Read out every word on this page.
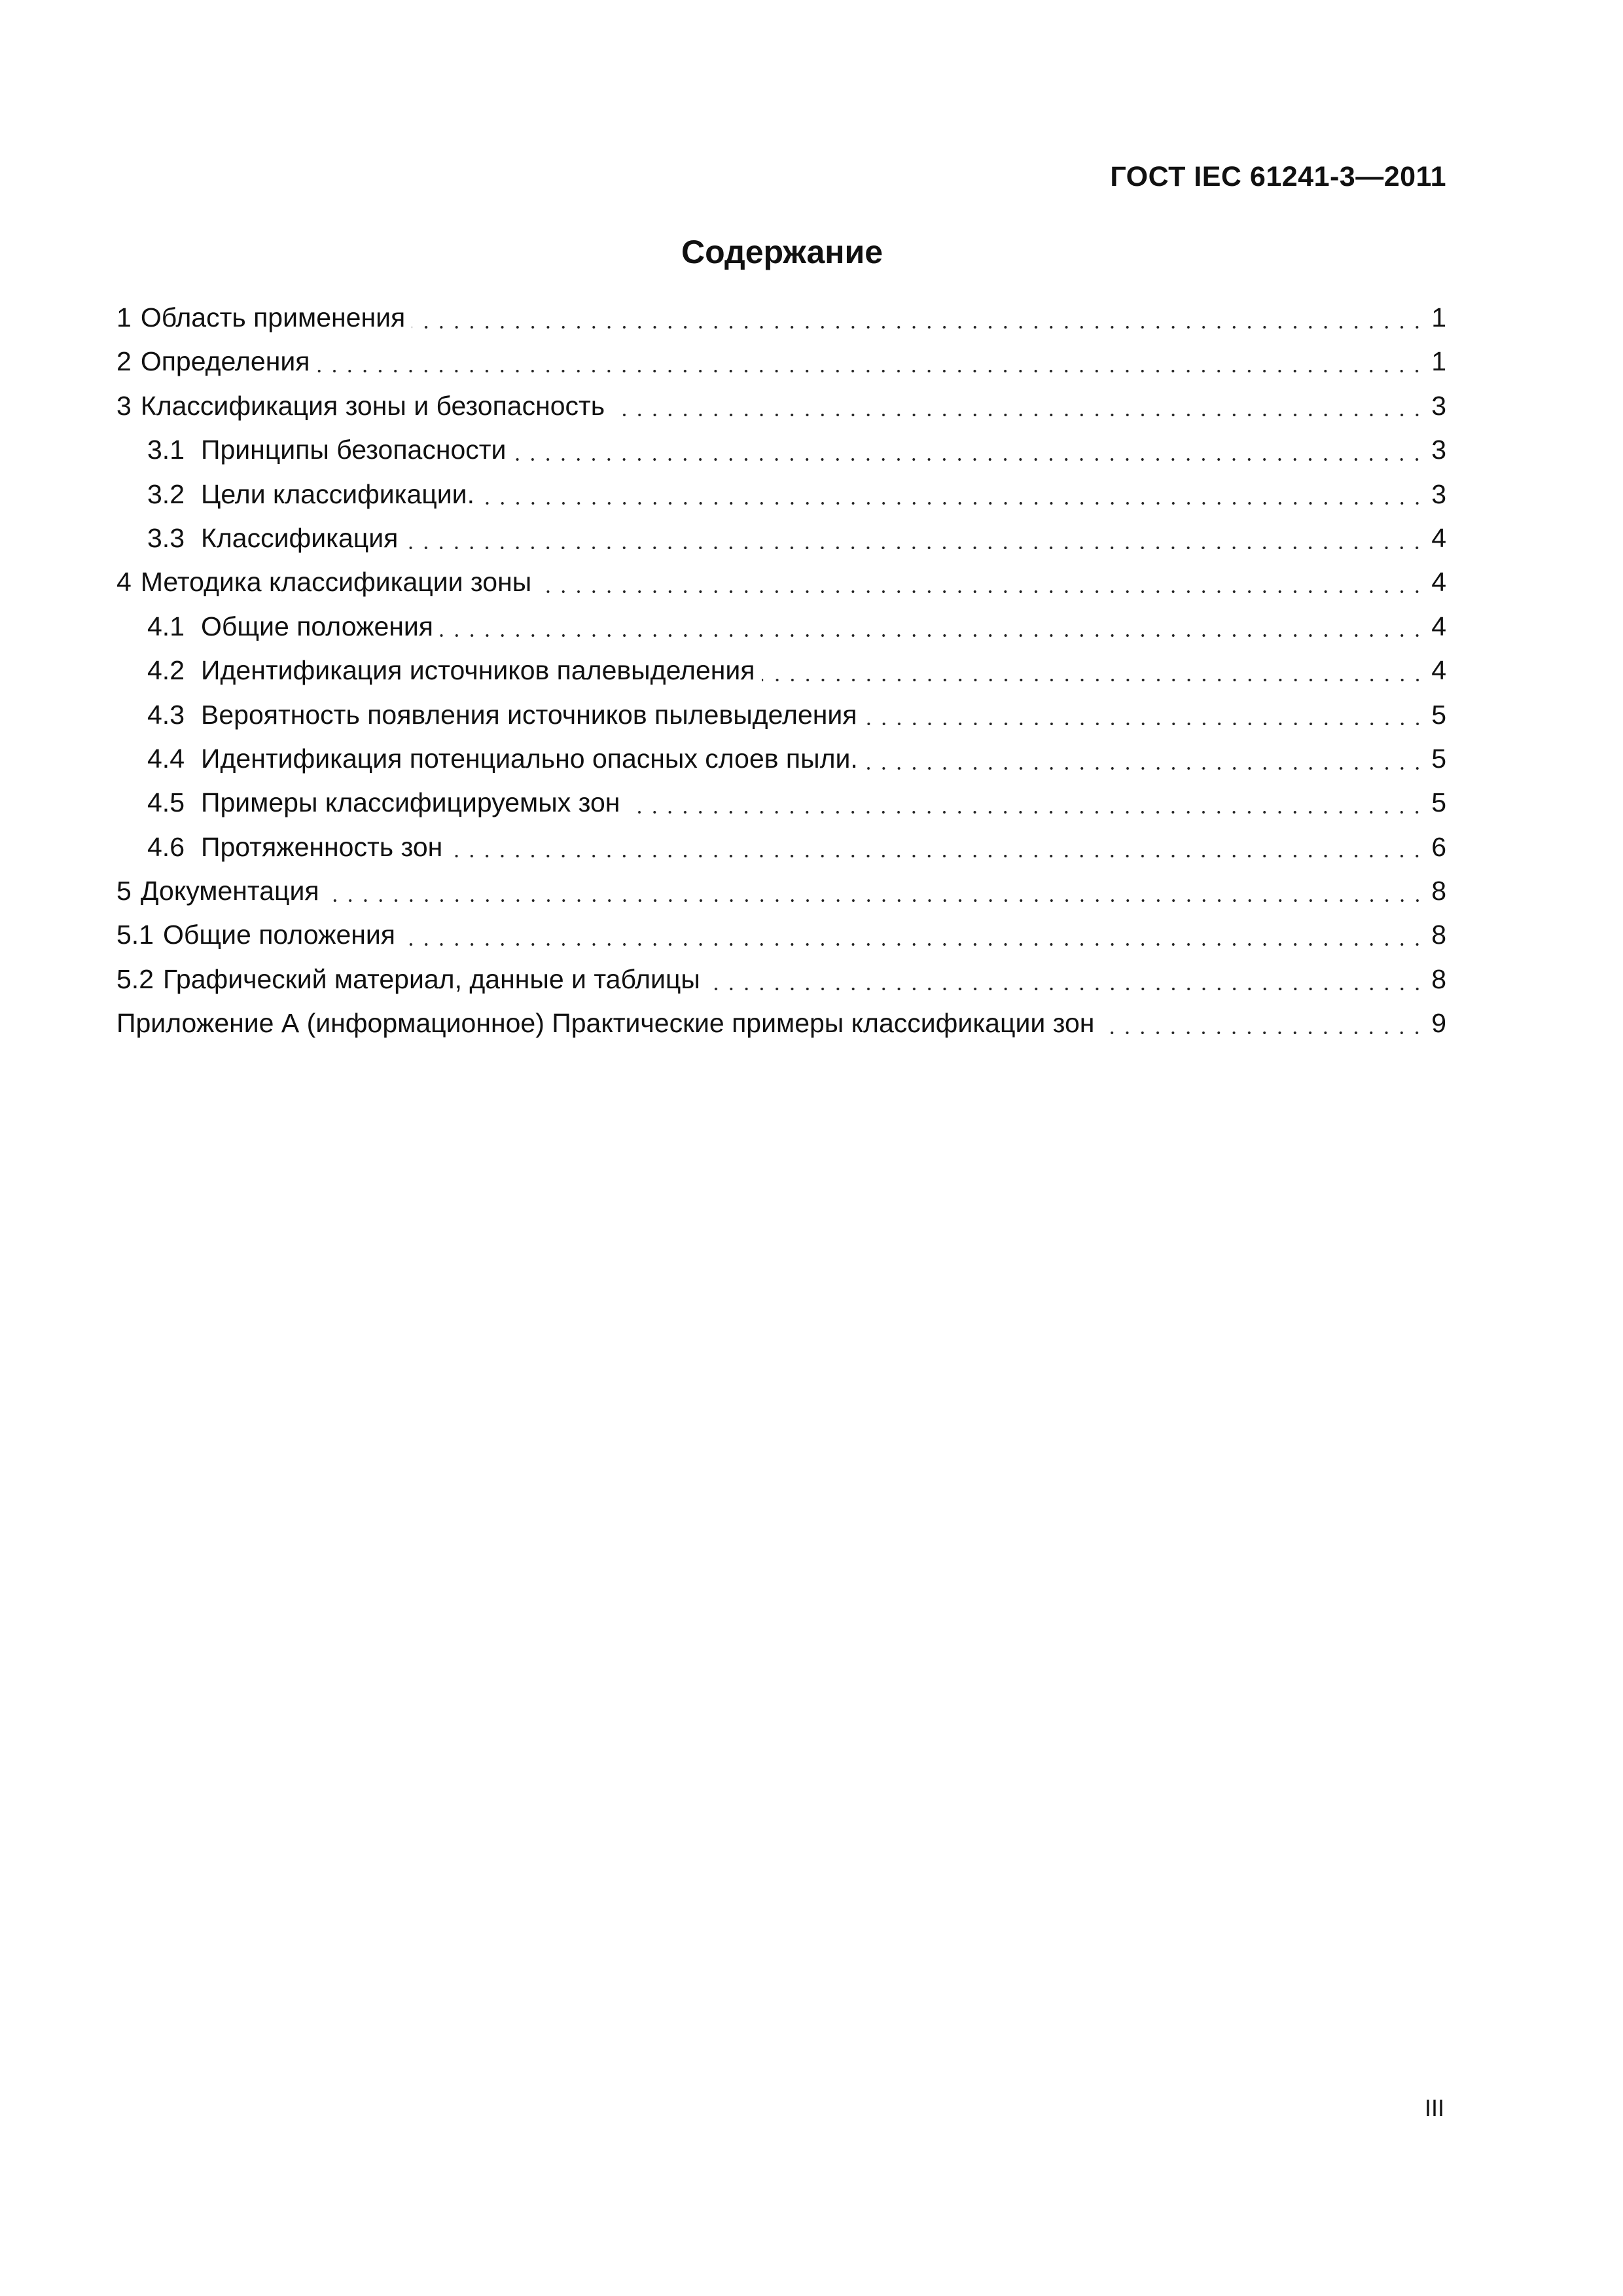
ГОСТ IEC 61241-3—2011
Содержание
1 Область применения	1
2 Определения	1
3 Классификация зоны и безопасность	3
3.1 Принципы безопасности	3
3.2 Цели классификации.	3
3.3 Классификация	4
4 Методика классификации зоны	4
4.1 Общие положения	4
4.2 Идентификация источников палевыделения	4
4.3 Вероятность появления источников пылевыделения	5
4.4 Идентификация потенциально опасных слоев пыли.	5
4.5 Примеры классифицируемых зон	5
4.6 Протяженность зон	6
5 Документация	8
5.1 Общие положения	8
5.2 Графический материал, данные и таблицы	8
Приложение А (информационное) Практические примеры классификации зон	9
III
